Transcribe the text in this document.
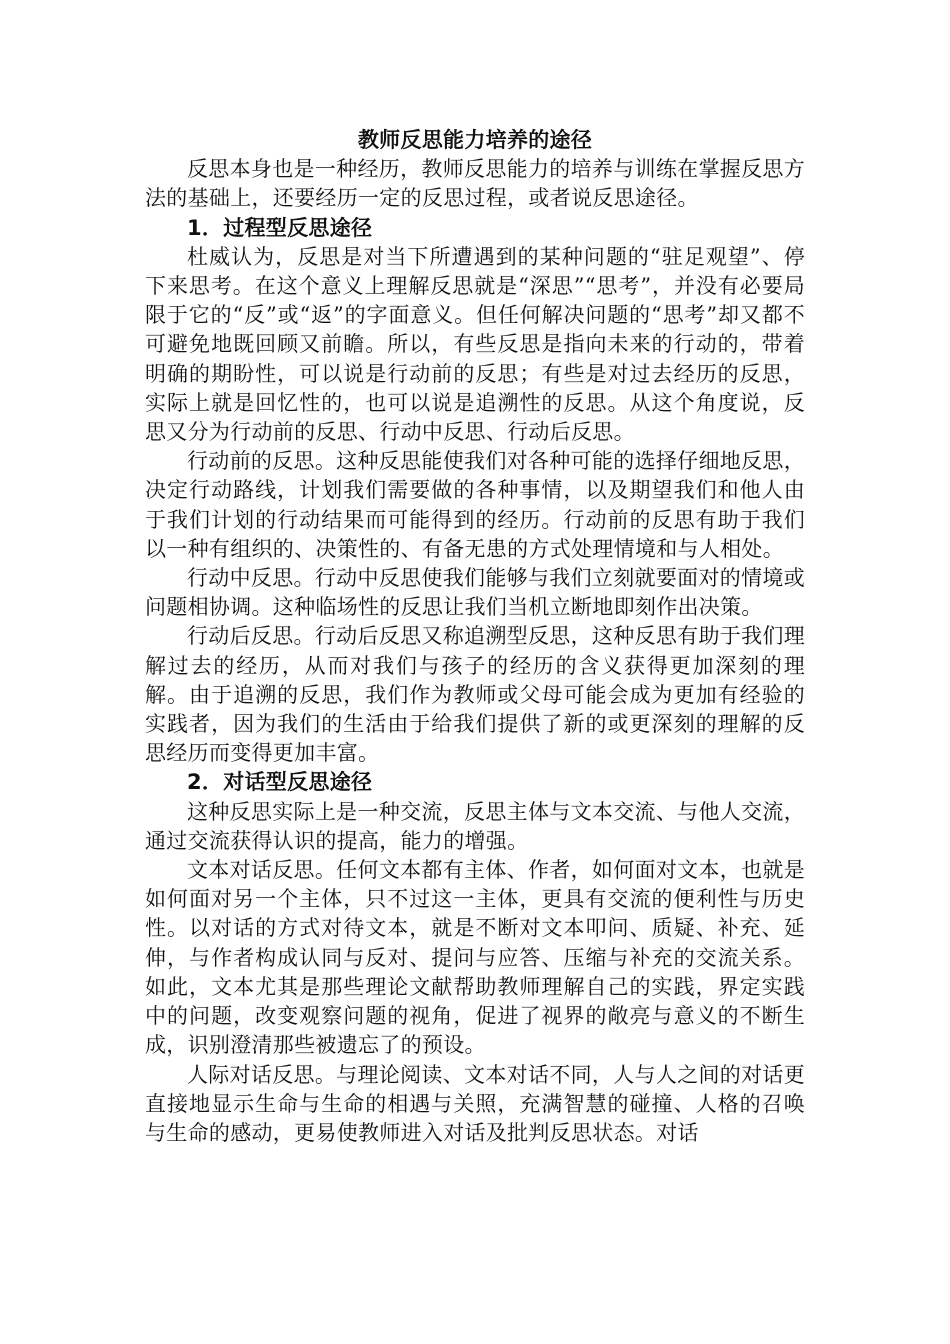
教师反思能力培养的途径

反思本身也是一种经历，教师反思能力的培养与训练在掌握反思方法的基础上，还要经历一定的反思过程，或者说反思途径。

1．过程型反思途径

杜威认为，反思是对当下所遭遇到的某种问题的“驻足观望”、停下来思考。在这个意义上理解反思就是“深思”“思考”，并没有必要局限于它的“反”或“返”的字面意义。但任何解决问题的“思考”却又都不可避免地既回顾又前瞻。所以，有些反思是指向未来的行动的，带着明确的期盼性，可以说是行动前的反思；有些是对过去经历的反思，实际上就是回忆性的，也可以说是追溯性的反思。从这个角度说，反思又分为行动前的反思、行动中反思、行动后反思。

行动前的反思。这种反思能使我们对各种可能的选择仔细地反思，决定行动路线，计划我们需要做的各种事情，以及期望我们和他人由于我们计划的行动结果而可能得到的经历。行动前的反思有助于我们以一种有组织的、决策性的、有备无患的方式处理情境和与人相处。

行动中反思。行动中反思使我们能够与我们立刻就要面对的情境或问题相协调。这种临场性的反思让我们当机立断地即刻作出决策。

行动后反思。行动后反思又称追溯型反思，这种反思有助于我们理解过去的经历，从而对我们与孩子的经历的含义获得更加深刻的理解。由于追溯的反思，我们作为教师或父母可能会成为更加有经验的实践者，因为我们的生活由于给我们提供了新的或更深刻的理解的反思经历而变得更加丰富。

2．对话型反思途径

这种反思实际上是一种交流，反思主体与文本交流、与他人交流，通过交流获得认识的提高，能力的增强。

文本对话反思。任何文本都有主体、作者，如何面对文本，也就是如何面对另一个主体，只不过这一主体，更具有交流的便利性与历史性。以对话的方式对待文本，就是不断对文本叩问、质疑、补充、延伸，与作者构成认同与反对、提问与应答、压缩与补充的交流关系。如此，文本尤其是那些理论文献帮助教师理解自己的实践，界定实践中的问题，改变观察问题的视角，促进了视界的敞亮与意义的不断生成，识别澄清那些被遗忘了的预设。

人际对话反思。与理论阅读、文本对话不同，人与人之间的对话更直接地显示生命与生命的相遇与关照，充满智慧的碰撞、人格的召唤与生命的感动，更易使教师进入对话及批判反思状态。对话
